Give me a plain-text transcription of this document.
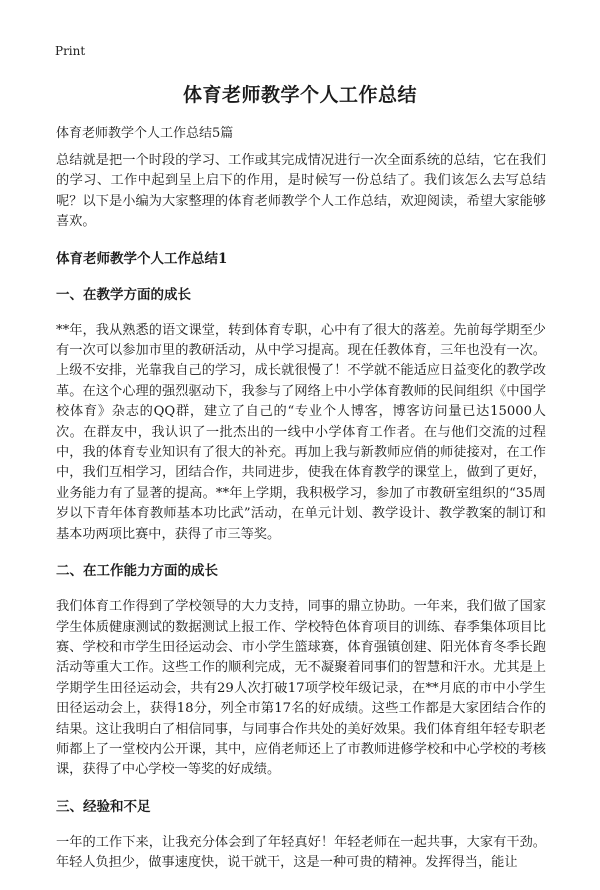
Print
体育老师教学个人工作总结

体育老师教学个人工作总结5篇

总结就是把一个时段的学习、工作或其完成情况进行一次全面系统的总结，它在我们的学习、工作中起到呈上启下的作用，是时候写一份总结了。我们该怎么去写总结呢？以下是小编为大家整理的体育老师教学个人工作总结，欢迎阅读，希望大家能够喜欢。

体育老师教学个人工作总结1
一、在教学方面的成长

**年，我从熟悉的语文课堂，转到体育专职，心中有了很大的落差。先前每学期至少有一次可以参加市里的教研活动，从中学习提高。现在任教体育，三年也没有一次。上级不安排，光靠我自己的学习，成长就很慢了！不学就不能适应日益变化的教学改革。在这个心理的强烈驱动下，我参与了网络上中小学体育教师的民间组织《中国学校体育》杂志的QQ群，建立了自己的“专业个人博客，博客访问量已达15000人次。在群友中，我认识了一批杰出的一线中小学体育工作者。在与他们交流的过程中，我的体育专业知识有了很大的补充。再加上我与新教师应俏的师徒接对，在工作中，我们互相学习，团结合作，共同进步，使我在体育教学的课堂上，做到了更好，业务能力有了显著的提高。**年上学期，我积极学习，参加了市教研室组织的“35周岁以下青年体育教师基本功比武”活动，在单元计划、教学设计、教学教案的制订和基本功两项比赛中，获得了市三等奖。

二、在工作能力方面的成长

我们体育工作得到了学校领导的大力支持，同事的鼎立协助。一年来，我们做了国家学生体质健康测试的数据测试上报工作、学校特色体育项目的训练、春季集体项目比赛、学校和市学生田径运动会、市小学生篮球赛，体育强镇创建、阳光体育冬季长跑活动等重大工作。这些工作的顺利完成，无不凝聚着同事们的智慧和汗水。尤其是上学期学生田径运动会，共有29人次打破17项学校年级记录，在**月底的市中小学生田径运动会上，获得18分，列全市第17名的好成绩。这些工作都是大家团结合作的结果。这让我明白了相信同事，与同事合作共处的美好效果。我们体育组年轻专职老师都上了一堂校内公开课，其中，应俏老师还上了市教师进修学校和中心学校的考核课，获得了中心学校一等奖的好成绩。

三、经验和不足

一年的工作下来，让我充分体会到了年轻真好！年轻老师在一起共事，大家有干劲。年轻人负担少，做事速度快，说干就干，这是一种可贵的精神。发挥得当，能让
